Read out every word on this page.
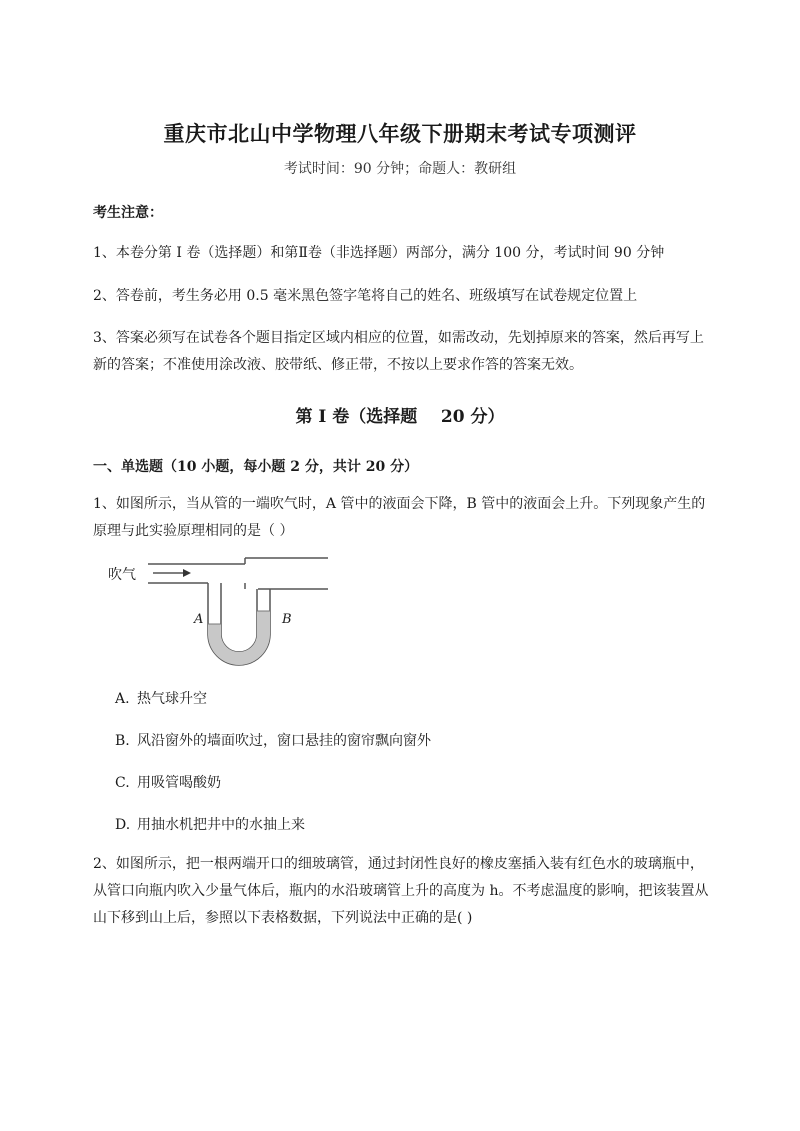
重庆市北山中学物理八年级下册期末考试专项测评
考试时间：90 分钟；命题人：教研组
考生注意：
1、本卷分第 I 卷（选择题）和第Ⅱ卷（非选择题）两部分，满分 100 分，考试时间 90 分钟
2、答卷前，考生务必用 0.5 毫米黑色签字笔将自己的姓名、班级填写在试卷规定位置上
3、答案必须写在试卷各个题目指定区域内相应的位置，如需改动，先划掉原来的答案，然后再写上新的答案；不准使用涂改液、胶带纸、修正带，不按以上要求作答的答案无效。
第 I 卷（选择题    20 分）
一、单选题（10 小题，每小题 2 分，共计 20 分）
1、如图所示，当从管的一端吹气时，A 管中的液面会下降，B 管中的液面会上升。下列现象产生的原理与此实验原理相同的是（ ）
吹气
A	B
A. 热气球升空
B. 风沿窗外的墙面吹过，窗口悬挂的窗帘飘向窗外
C. 用吸管喝酸奶
D. 用抽水机把井中的水抽上来
2、如图所示，把一根两端开口的细玻璃管，通过封闭性良好的橡皮塞插入装有红色水的玻璃瓶中，从管口向瓶内吹入少量气体后，瓶内的水沿玻璃管上升的高度为 h。不考虑温度的影响，把该装置从山下移到山上后，参照以下表格数据，下列说法中正确的是( )
